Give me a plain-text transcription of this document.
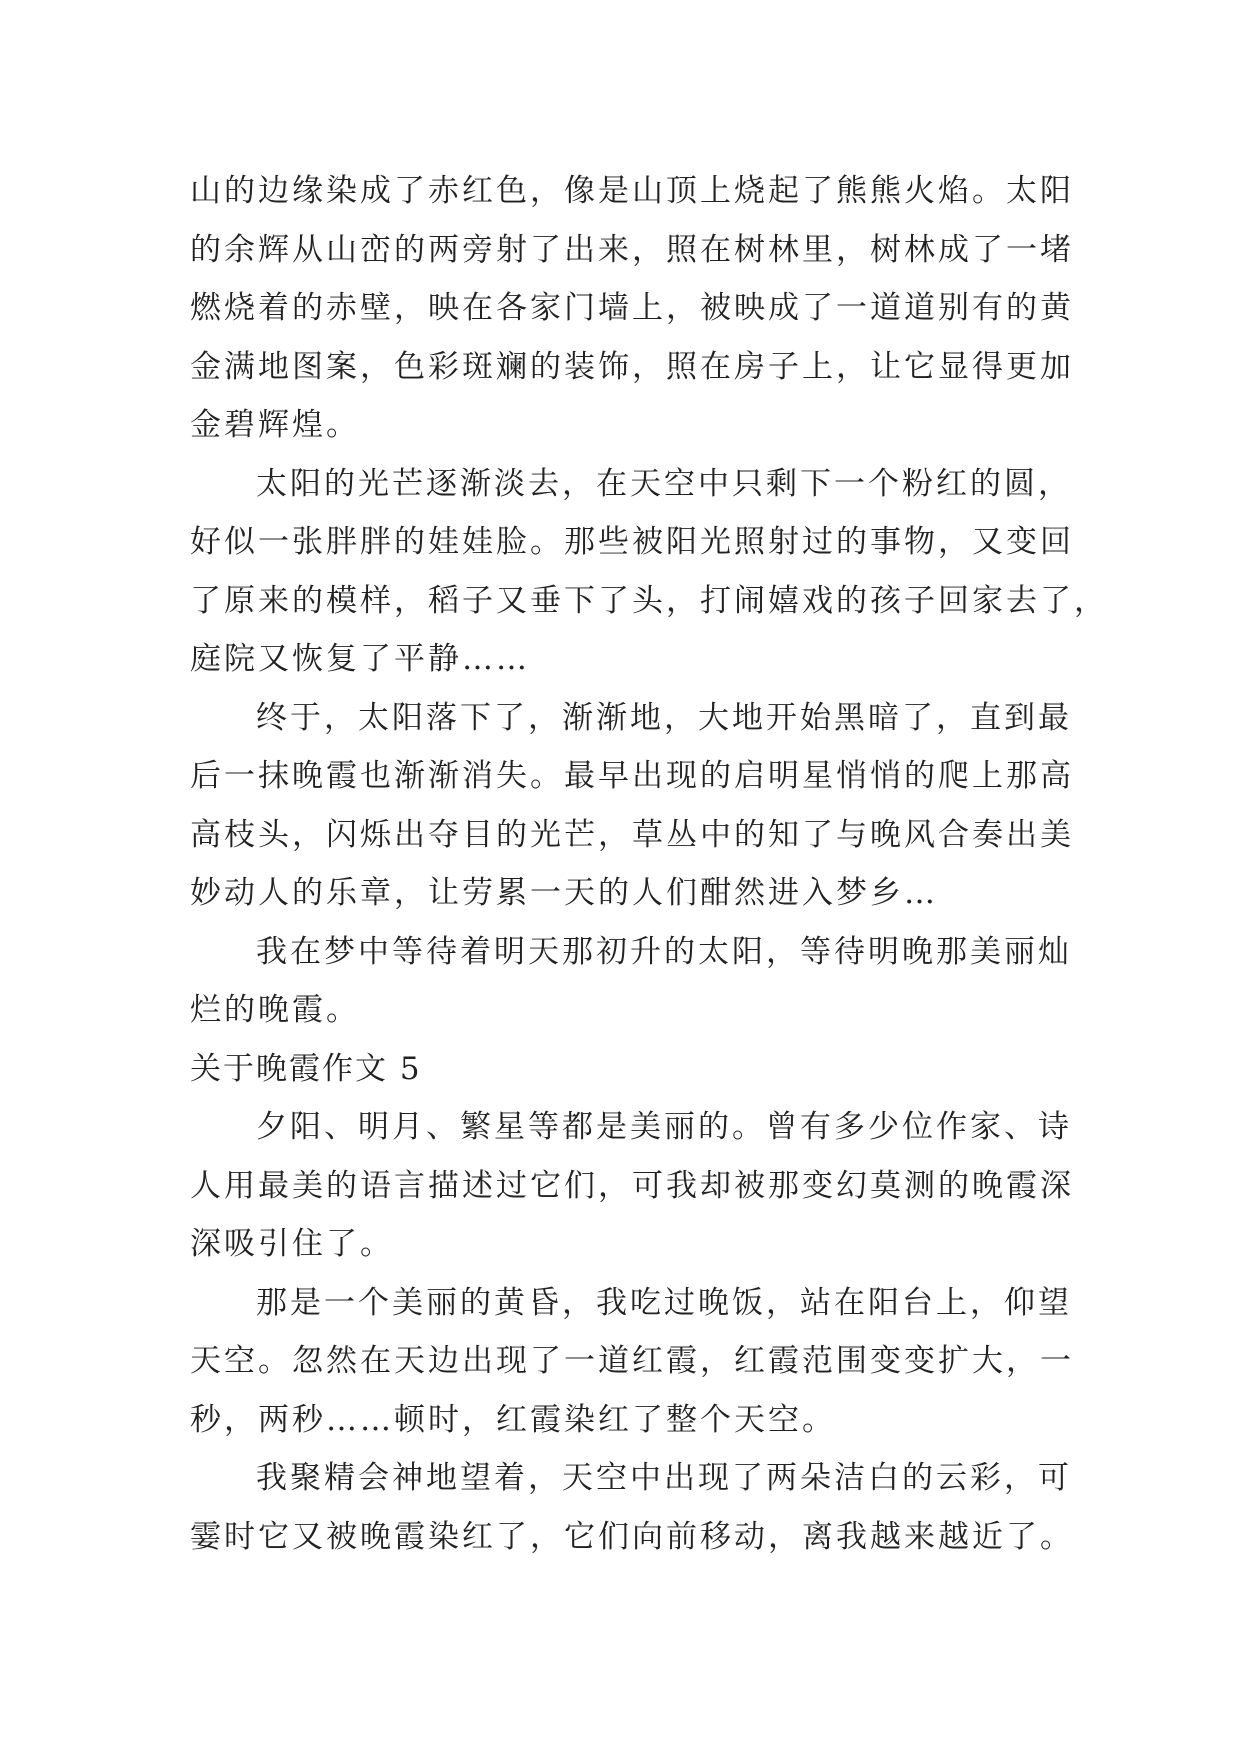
山的边缘染成了赤红色，像是山顶上烧起了熊熊火焰。太阳
的余辉从山峦的两旁射了出来，照在树林里，树林成了一堵
燃烧着的赤壁，映在各家门墙上，被映成了一道道别有的黄
金满地图案，色彩斑斓的装饰，照在房子上，让它显得更加
金碧辉煌。

太阳的光芒逐渐淡去，在天空中只剩下一个粉红的圆，
好似一张胖胖的娃娃脸。那些被阳光照射过的事物，又变回
了原来的模样，稻子又垂下了头，打闹嬉戏的孩子回家去了，
庭院又恢复了平静……

终于，太阳落下了，渐渐地，大地开始黑暗了，直到最
后一抹晚霞也渐渐消失。最早出现的启明星悄悄的爬上那高
高枝头，闪烁出夺目的光芒，草丛中的知了与晚风合奏出美
妙动人的乐章，让劳累一天的人们酣然进入梦乡…

我在梦中等待着明天那初升的太阳，等待明晚那美丽灿
烂的晚霞。

关于晚霞作文 5

夕阳、明月、繁星等都是美丽的。曾有多少位作家、诗
人用最美的语言描述过它们，可我却被那变幻莫测的晚霞深
深吸引住了。

那是一个美丽的黄昏，我吃过晚饭，站在阳台上，仰望
天空。忽然在天边出现了一道红霞，红霞范围变变扩大，一
秒，两秒……顿时，红霞染红了整个天空。

我聚精会神地望着，天空中出现了两朵洁白的云彩，可
霎时它又被晚霞染红了，它们向前移动，离我越来越近了。
